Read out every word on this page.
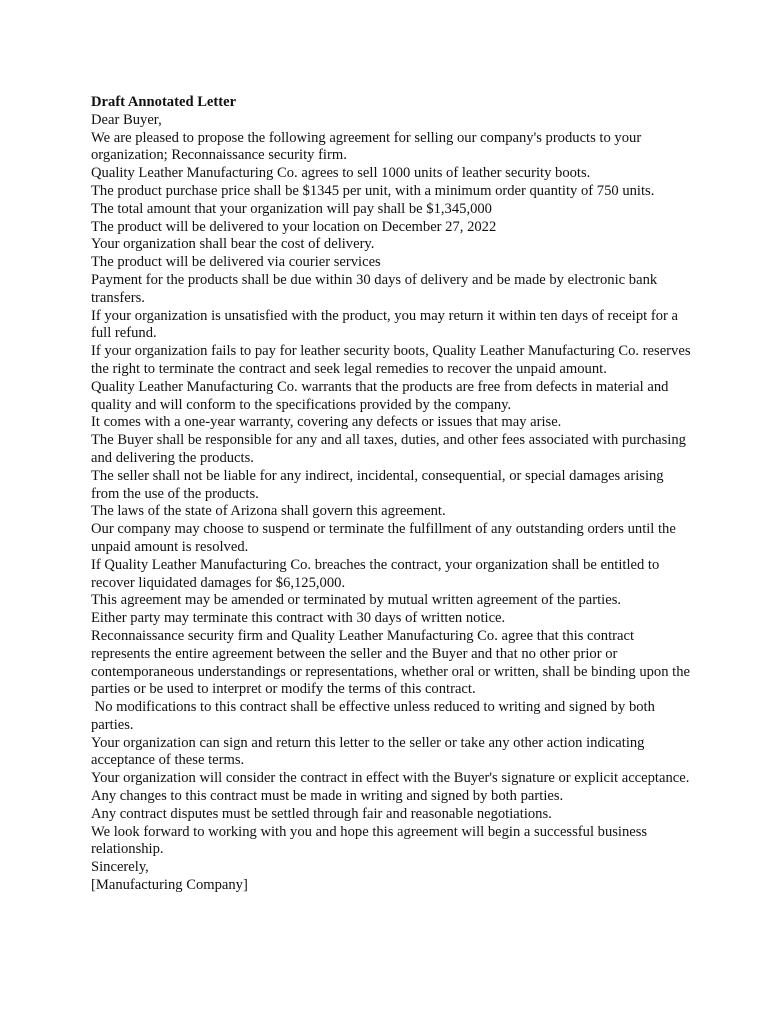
Draft Annotated Letter

Dear Buyer,

We are pleased to propose the following agreement for selling our company's products to your organization; Reconnaissance security firm.

Quality Leather Manufacturing Co. agrees to sell 1000 units of leather security boots.

The product purchase price shall be $1345 per unit, with a minimum order quantity of 750 units.

The total amount that your organization will pay shall be $1,345,000

The product will be delivered to your location on December 27, 2022

Your organization shall bear the cost of delivery.

The product will be delivered via courier services

Payment for the products shall be due within 30 days of delivery and be made by electronic bank transfers.

If your organization is unsatisfied with the product, you may return it within ten days of receipt for a full refund.

If your organization fails to pay for leather security boots, Quality Leather Manufacturing Co. reserves the right to terminate the contract and seek legal remedies to recover the unpaid amount.

Quality Leather Manufacturing Co. warrants that the products are free from defects in material and quality and will conform to the specifications provided by the company.

It comes with a one-year warranty, covering any defects or issues that may arise.

The Buyer shall be responsible for any and all taxes, duties, and other fees associated with purchasing and delivering the products.

The seller shall not be liable for any indirect, incidental, consequential, or special damages arising from the use of the products.

The laws of the state of Arizona shall govern this agreement.

Our company may choose to suspend or terminate the fulfillment of any outstanding orders until the unpaid amount is resolved.

If Quality Leather Manufacturing Co. breaches the contract, your organization shall be entitled to recover liquidated damages for $6,125,000.

This agreement may be amended or terminated by mutual written agreement of the parties.

Either party may terminate this contract with 30 days of written notice.

Reconnaissance security firm and Quality Leather Manufacturing Co. agree that this contract represents the entire agreement between the seller and the Buyer and that no other prior or contemporaneous understandings or representations, whether oral or written, shall be binding upon the parties or be used to interpret or modify the terms of this contract.

No modifications to this contract shall be effective unless reduced to writing and signed by both parties.

Your organization can sign and return this letter to the seller or take any other action indicating acceptance of these terms.

Your organization will consider the contract in effect with the Buyer's signature or explicit acceptance.

Any changes to this contract must be made in writing and signed by both parties.

Any contract disputes must be settled through fair and reasonable negotiations.

We look forward to working with you and hope this agreement will begin a successful business relationship.

Sincerely,

[Manufacturing Company]
